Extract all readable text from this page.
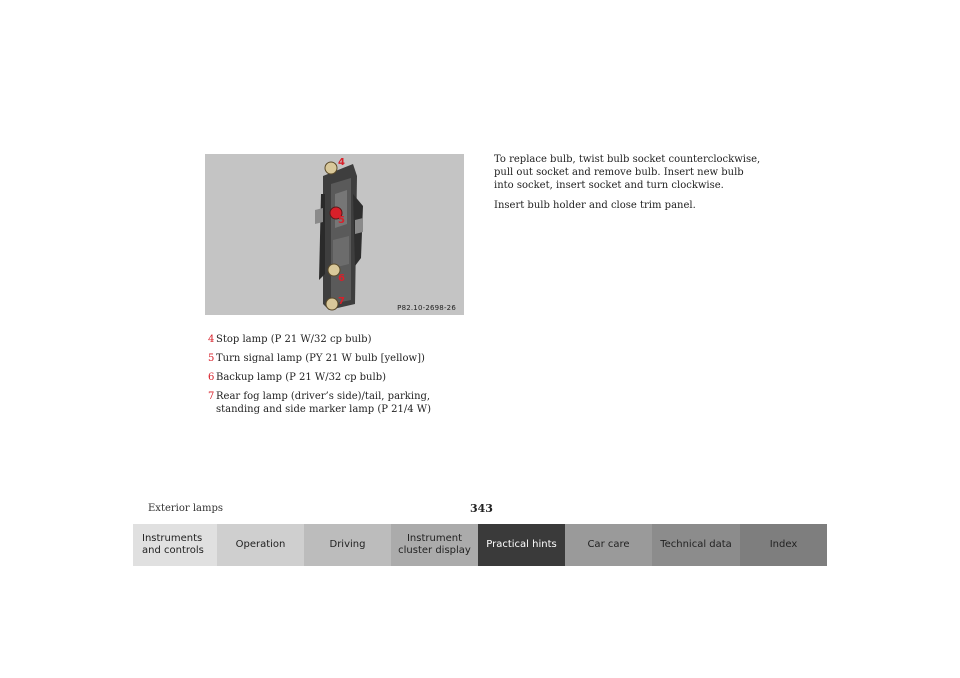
4
5
6
7
P82.10-2698-26
4 Stop lamp (P 21 W/32 cp bulb)
5 Turn signal lamp (PY 21 W bulb [yellow])
6 Backup lamp (P 21 W/32 cp bulb)
7 Rear fog lamp (driver’s side)/tail, parking, standing and side marker lamp (P 21/4 W)

To replace bulb, twist bulb socket counterclockwise, pull out socket and remove bulb. Insert new bulb into socket, insert socket and turn clockwise.

Insert bulb holder and close trim panel.

Exterior lamps	343
Instruments and controls
Operation	Driving
Instrument cluster display
Practical hints	Car care	Technical data	Index
